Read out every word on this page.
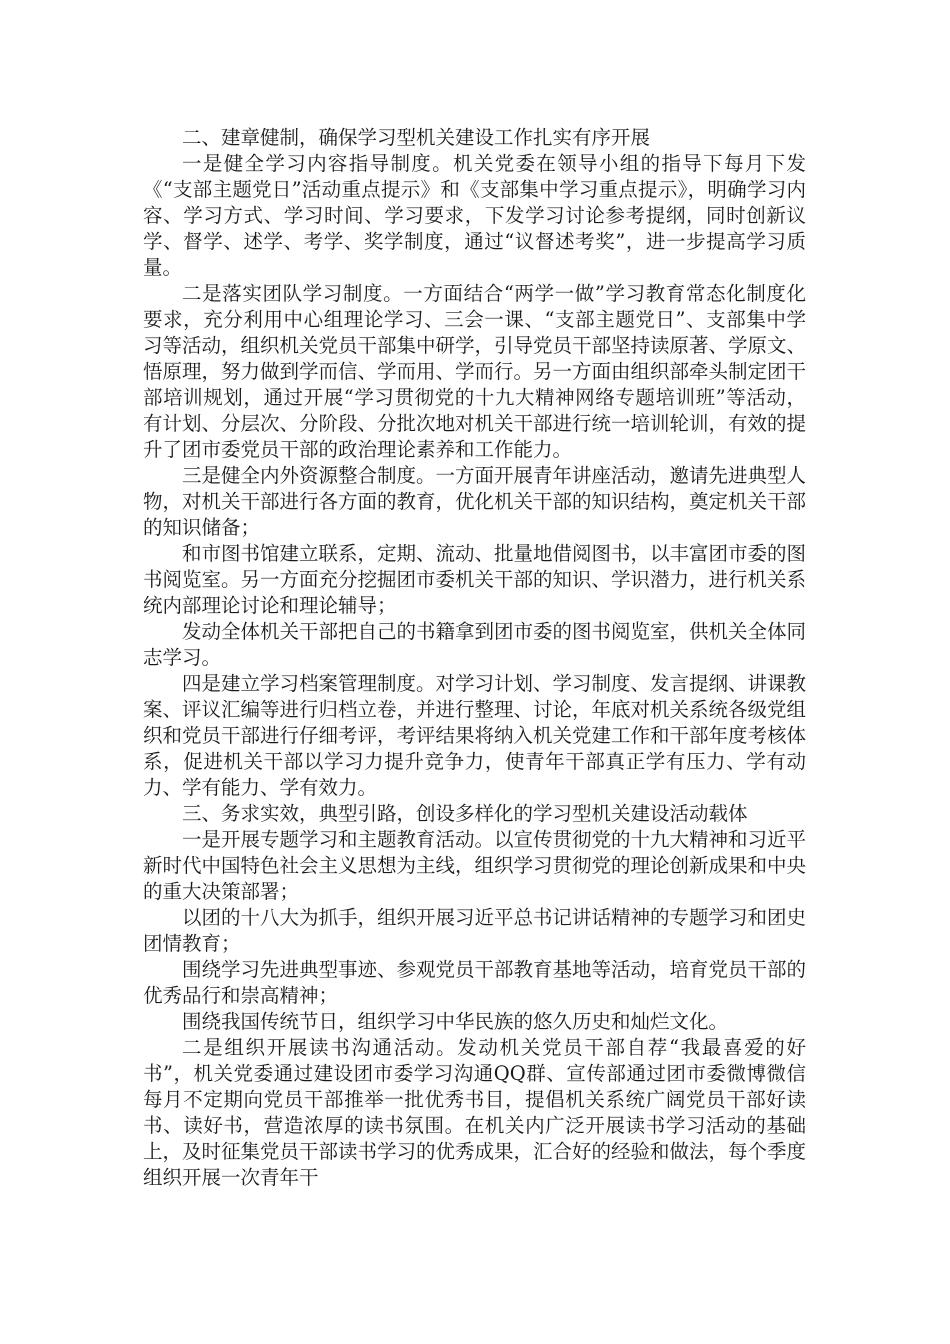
二、建章健制，确保学习型机关建设工作扎实有序开展

一是健全学习内容指导制度。机关党委在领导小组的指导下每月下发《“支部主题党日”活动重点提示》和《支部集中学习重点提示》，明确学习内容、学习方式、学习时间、学习要求，下发学习讨论参考提纲，同时创新议学、督学、述学、考学、奖学制度，通过“议督述考奖”，进一步提高学习质量。

二是落实团队学习制度。一方面结合“两学一做”学习教育常态化制度化要求，充分利用中心组理论学习、三会一课、“支部主题党日”、支部集中学习等活动，组织机关党员干部集中研学，引导党员干部坚持读原著、学原文、悟原理，努力做到学而信、学而用、学而行。另一方面由组织部牵头制定团干部培训规划，通过开展“学习贯彻党的十九大精神网络专题培训班”等活动，有计划、分层次、分阶段、分批次地对机关干部进行统一培训轮训，有效的提升了团市委党员干部的政治理论素养和工作能力。

三是健全内外资源整合制度。一方面开展青年讲座活动，邀请先进典型人物，对机关干部进行各方面的教育，优化机关干部的知识结构，奠定机关干部的知识储备；

和市图书馆建立联系，定期、流动、批量地借阅图书，以丰富团市委的图书阅览室。另一方面充分挖掘团市委机关干部的知识、学识潜力，进行机关系统内部理论讨论和理论辅导；

发动全体机关干部把自己的书籍拿到团市委的图书阅览室，供机关全体同志学习。

四是建立学习档案管理制度。对学习计划、学习制度、发言提纲、讲课教案、评议汇编等进行归档立卷，并进行整理、讨论，年底对机关系统各级党组织和党员干部进行仔细考评，考评结果将纳入机关党建工作和干部年度考核体系，促进机关干部以学习力提升竞争力，使青年干部真正学有压力、学有动力、学有能力、学有效力。

三、务求实效，典型引路，创设多样化的学习型机关建设活动载体

一是开展专题学习和主题教育活动。以宣传贯彻党的十九大精神和习近平新时代中国特色社会主义思想为主线，组织学习贯彻党的理论创新成果和中央的重大决策部署；

以团的十八大为抓手，组织开展习近平总书记讲话精神的专题学习和团史团情教育；

围绕学习先进典型事迹、参观党员干部教育基地等活动，培育党员干部的优秀品行和崇高精神；

围绕我国传统节日，组织学习中华民族的悠久历史和灿烂文化。

二是组织开展读书沟通活动。发动机关党员干部自荐“我最喜爱的好书”，机关党委通过建设团市委学习沟通QQ群、宣传部通过团市委微博微信每月不定期向党员干部推举一批优秀书目，提倡机关系统广阔党员干部好读书、读好书，营造浓厚的读书氛围。在机关内广泛开展读书学习活动的基础上，及时征集党员干部读书学习的优秀成果，汇合好的经验和做法，每个季度组织开展一次青年干
